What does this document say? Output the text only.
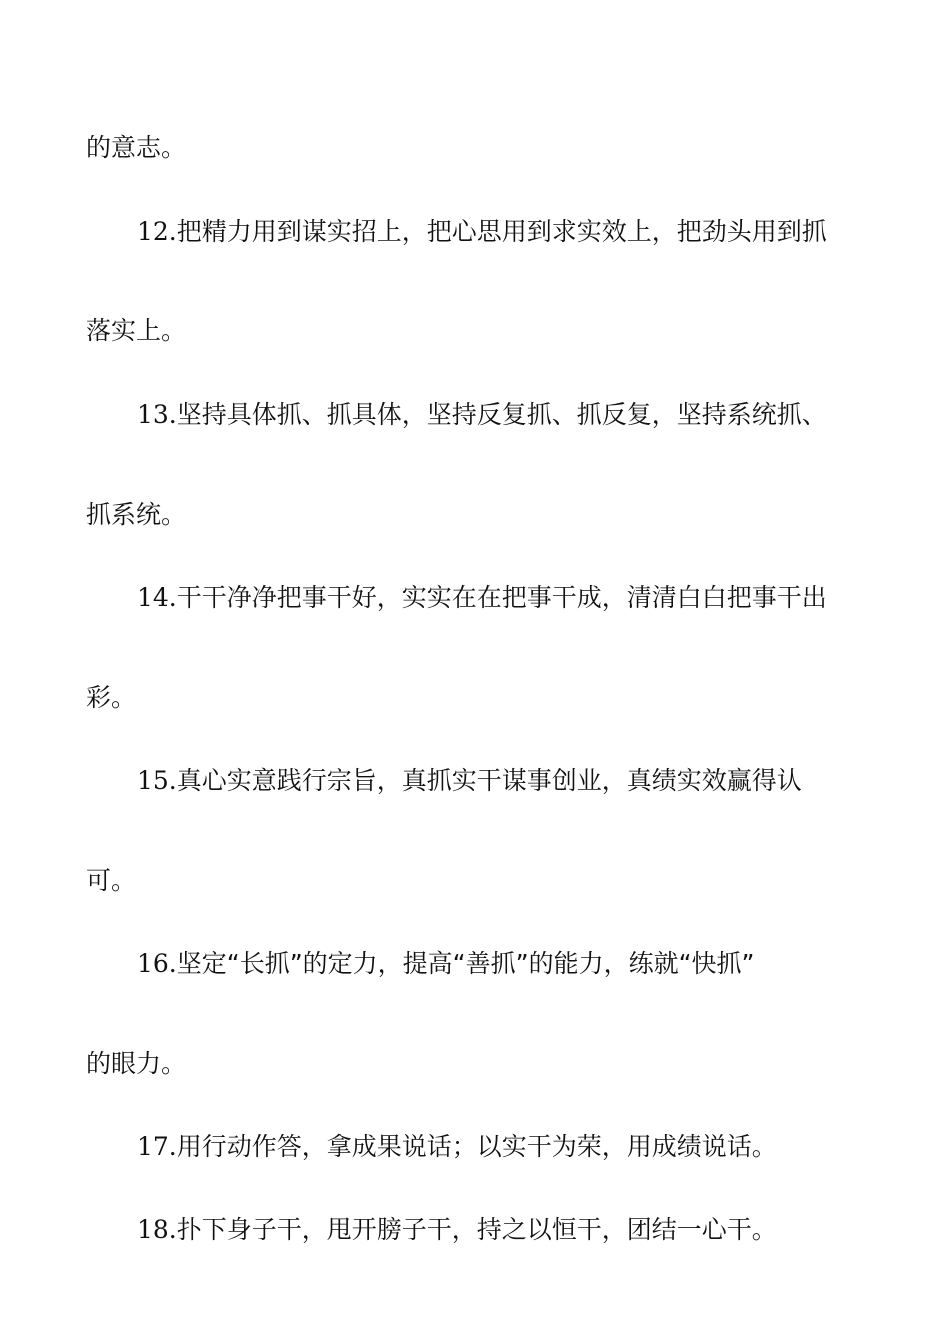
的意志。
12.把精力用到谋实招上，把心思用到求实效上，把劲头用到抓
落实上。
13.坚持具体抓、抓具体，坚持反复抓、抓反复，坚持系统抓、
抓系统。
14.干干净净把事干好，实实在在把事干成，清清白白把事干出
彩。
15.真心实意践行宗旨，真抓实干谋事创业，真绩实效赢得认
可。
16.坚定“长抓”的定力，提高“善抓”的能力，练就“快抓”
的眼力。
17.用行动作答，拿成果说话；以实干为荣，用成绩说话。
18.扑下身子干，甩开膀子干，持之以恒干，团结一心干。
